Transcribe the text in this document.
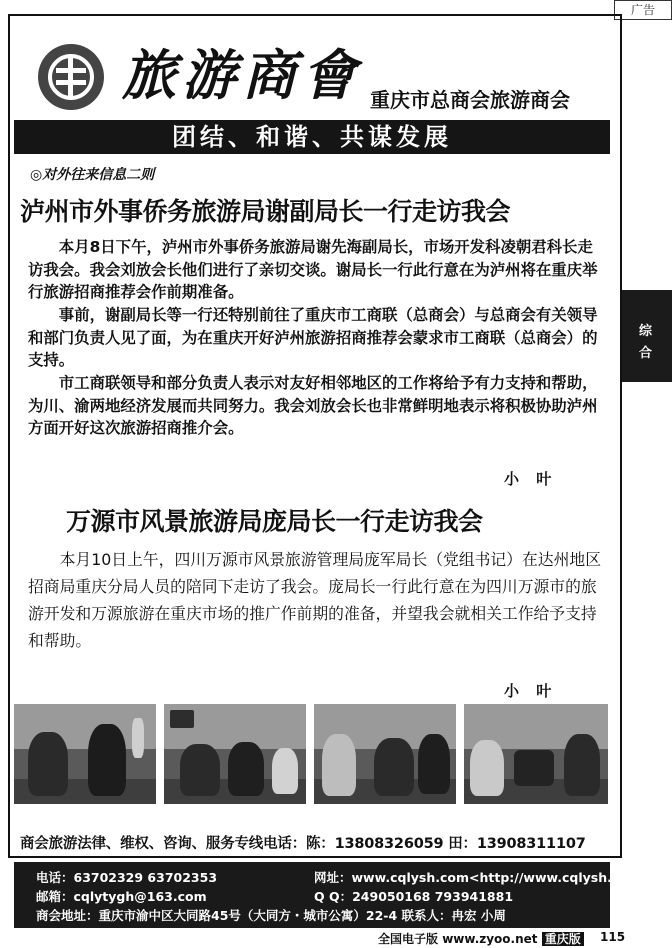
广告
旅游商會 重庆市总商会旅游商会
团结、和谐、共谋发展
◎对外往来信息二则
泸州市外事侨务旅游局谢副局长一行走访我会
本月8日下午，泸州市外事侨务旅游局谢先海副局长，市场开发科凌朝君科长走访我会。我会刘放会长他们进行了亲切交谈。谢局长一行此行意在为泸州将在重庆举行旅游招商推荐会作前期准备。
事前，谢副局长等一行还特别前往了重庆市工商联（总商会）与总商会有关领导和部门负责人见了面，为在重庆开好泸州旅游招商推荐会蒙求市工商联（总商会）的支持。
市工商联领导和部分负责人表示对友好相邻地区的工作将给予有力支持和帮助，为川、渝两地经济发展而共同努力。我会刘放会长也非常鲜明地表示将积极协助泸州方面开好这次旅游招商推介会。
小 叶
万源市风景旅游局庞局长一行走访我会
本月10日上午，四川万源市风景旅游管理局庞军局长（党组书记）在达州地区招商局重庆分局人员的陪同下走访了我会。庞局长一行此行意在为四川万源市的旅游开发和万源旅游在重庆市场的推广作前期的准备，并望我会就相关工作给予支持和帮助。
小 叶
商会旅游法律、维权、咨询、服务专线电话：陈：13808326059 田：13908311107
电话：63702329 63702353	网址：www.cqlysh.com<http://www.cqlysh.com>
邮箱：cqlytygh@163.com	Q Q：249050168 793941881
商会地址：重庆市渝中区大同路45号（大同方・城市公寓）22-4 联系人：冉宏 小周
综
合
全国电子版 www.zyoo.net 重庆版 115
